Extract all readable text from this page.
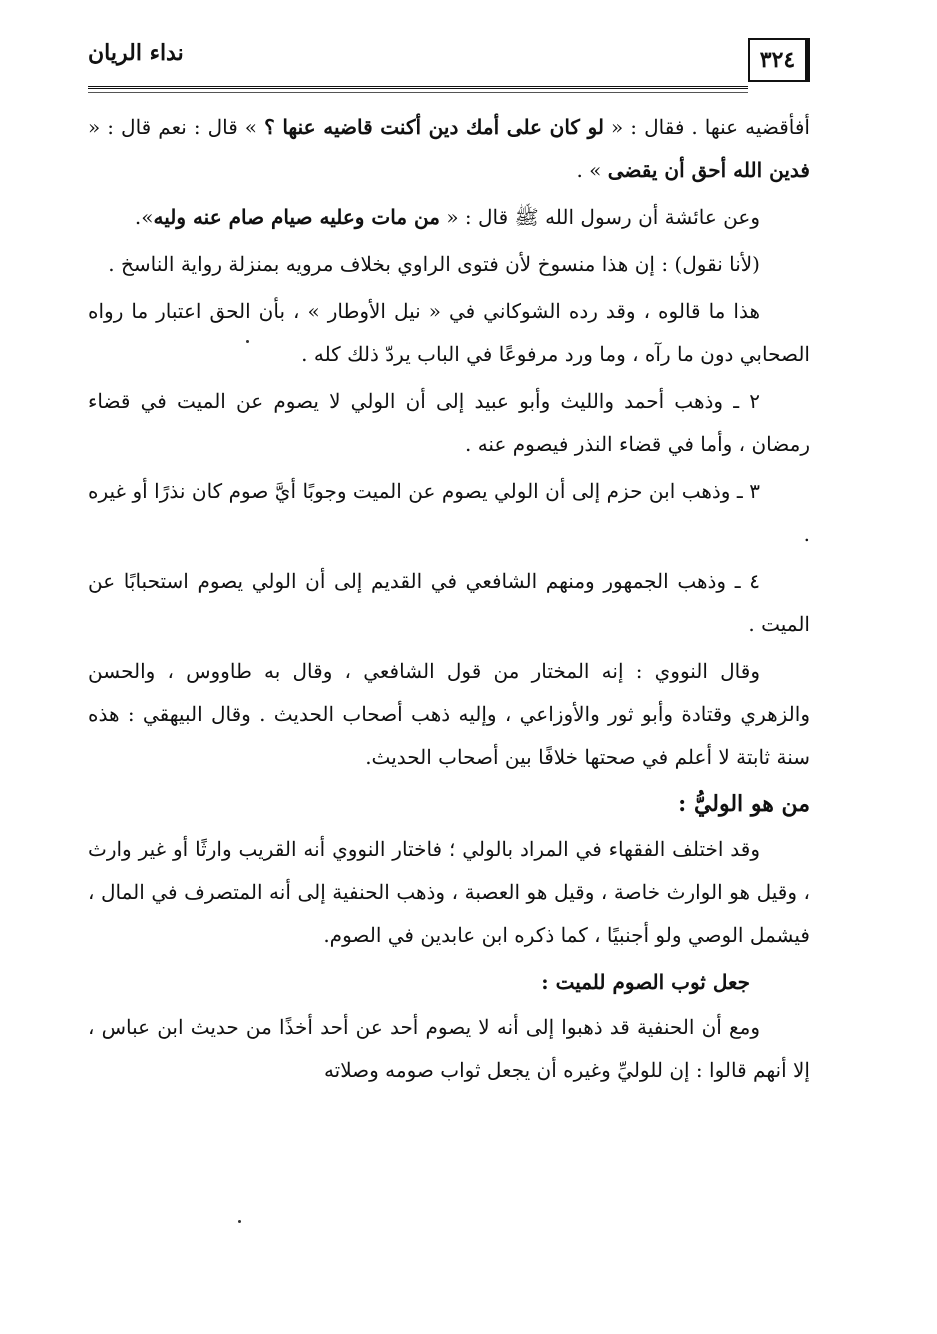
نداء الريان	٣٢٤

أفأقضيه عنها . فقال : « لو كان على أمك دين أكنت قاضيه عنها ؟ » قال : نعم قال : « فدين الله أحق أن يقضى » .

وعن عائشة أن رسول الله ﷺ قال : « من مات وعليه صيام صام عنه وليه».

(لأنا نقول) : إن هذا منسوخ لأن فتوى الراوي بخلاف مرويه بمنزلة رواية الناسخ .

هذا ما قالوه ، وقد رده الشوكاني في « نيل الأوطار » ، بأن الحق اعتبار ما رواه الصحابي دون ما رآه ، وما ورد مرفوعًا في الباب يردّ ذلك كله .

٢ ـ وذهب أحمد والليث وأبو عبيد إلى أن الولي لا يصوم عن الميت في قضاء رمضان ، وأما في قضاء النذر فيصوم عنه .

٣ ـ وذهب ابن حزم إلى أن الولي يصوم عن الميت وجوبًا أيَّ صوم كان نذرًا أو غيره .

٤ ـ وذهب الجمهور ومنهم الشافعي في القديم إلى أن الولي يصوم استحبابًا عن الميت .

وقال النووي : إنه المختار من قول الشافعي ، وقال به طاووس ، والحسن والزهري وقتادة وأبو ثور والأوزاعي ، وإليه ذهب أصحاب الحديث . وقال البيهقي : هذه سنة ثابتة لا أعلم في صحتها خلافًا بين أصحاب الحديث.

من هو الوليُّ :

وقد اختلف الفقهاء في المراد بالولي ؛ فاختار النووي أنه القريب وارثًا أو غير وارث ، وقيل هو الوارث خاصة ، وقيل هو العصبة ، وذهب الحنفية إلى أنه المتصرف في المال ، فيشمل الوصي ولو أجنبيًا ، كما ذكره ابن عابدين في الصوم.

جعل ثوب الصوم للميت :

ومع أن الحنفية قد ذهبوا إلى أنه لا يصوم أحد عن أحد أخذًا من حديث ابن عباس ، إلا أنهم قالوا : إن للوليِّ وغيره أن يجعل ثواب صومه وصلاته
